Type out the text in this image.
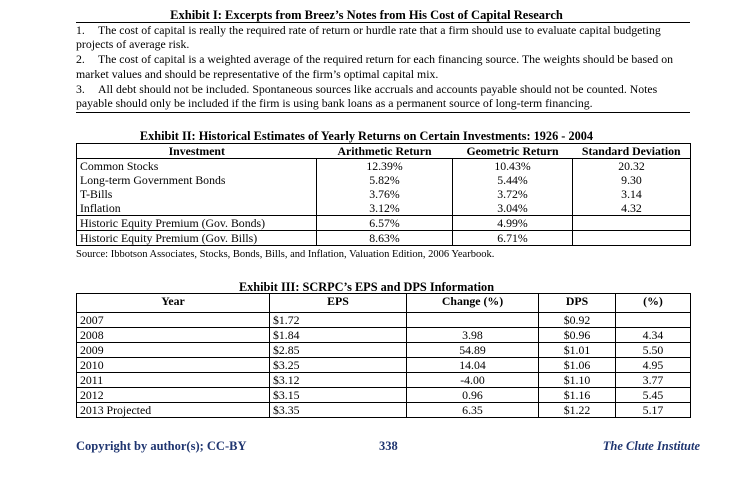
Exhibit I: Excerpts from Breez’s Notes from His Cost of Capital Research
1. The cost of capital is really the required rate of return or hurdle rate that a firm should use to evaluate capital budgeting
projects of average risk.
2. The cost of capital is a weighted average of the required return for each financing source. The weights should be based on
market values and should be representative of the firm’s optimal capital mix.
3. All debt should not be included. Spontaneous sources like accruals and accounts payable should not be counted. Notes
payable should only be included if the firm is using bank loans as a permanent source of long-term financing.
Exhibit II: Historical Estimates of Yearly Returns on Certain Investments: 1926 - 2004
Investment	Arithmetic Return	Geometric Return	Standard Deviation
Common Stocks	12.39%	10.43%	20.32
Long-term Government Bonds	5.82%	5.44%	9.30
T-Bills	3.76%	3.72%	3.14
Inflation	3.12%	3.04%	4.32
Historic Equity Premium (Gov. Bonds)	6.57%	4.99%	
Historic Equity Premium (Gov. Bills)	8.63%	6.71%	
Source: Ibbotson Associates, Stocks, Bonds, Bills, and Inflation, Valuation Edition, 2006 Yearbook.
Exhibit III: SCRPC’s EPS and DPS Information
Year	EPS	Change (%)	DPS	(%)
2007	$1.72		$0.92	
2008	$1.84	3.98	$0.96	4.34
2009	$2.85	54.89	$1.01	5.50
2010	$3.25	14.04	$1.06	4.95
2011	$3.12	-4.00	$1.10	3.77
2012	$3.15	0.96	$1.16	5.45
2013 Projected	$3.35	6.35	$1.22	5.17
Copyright by author(s); CC-BY	338	The Clute Institute
